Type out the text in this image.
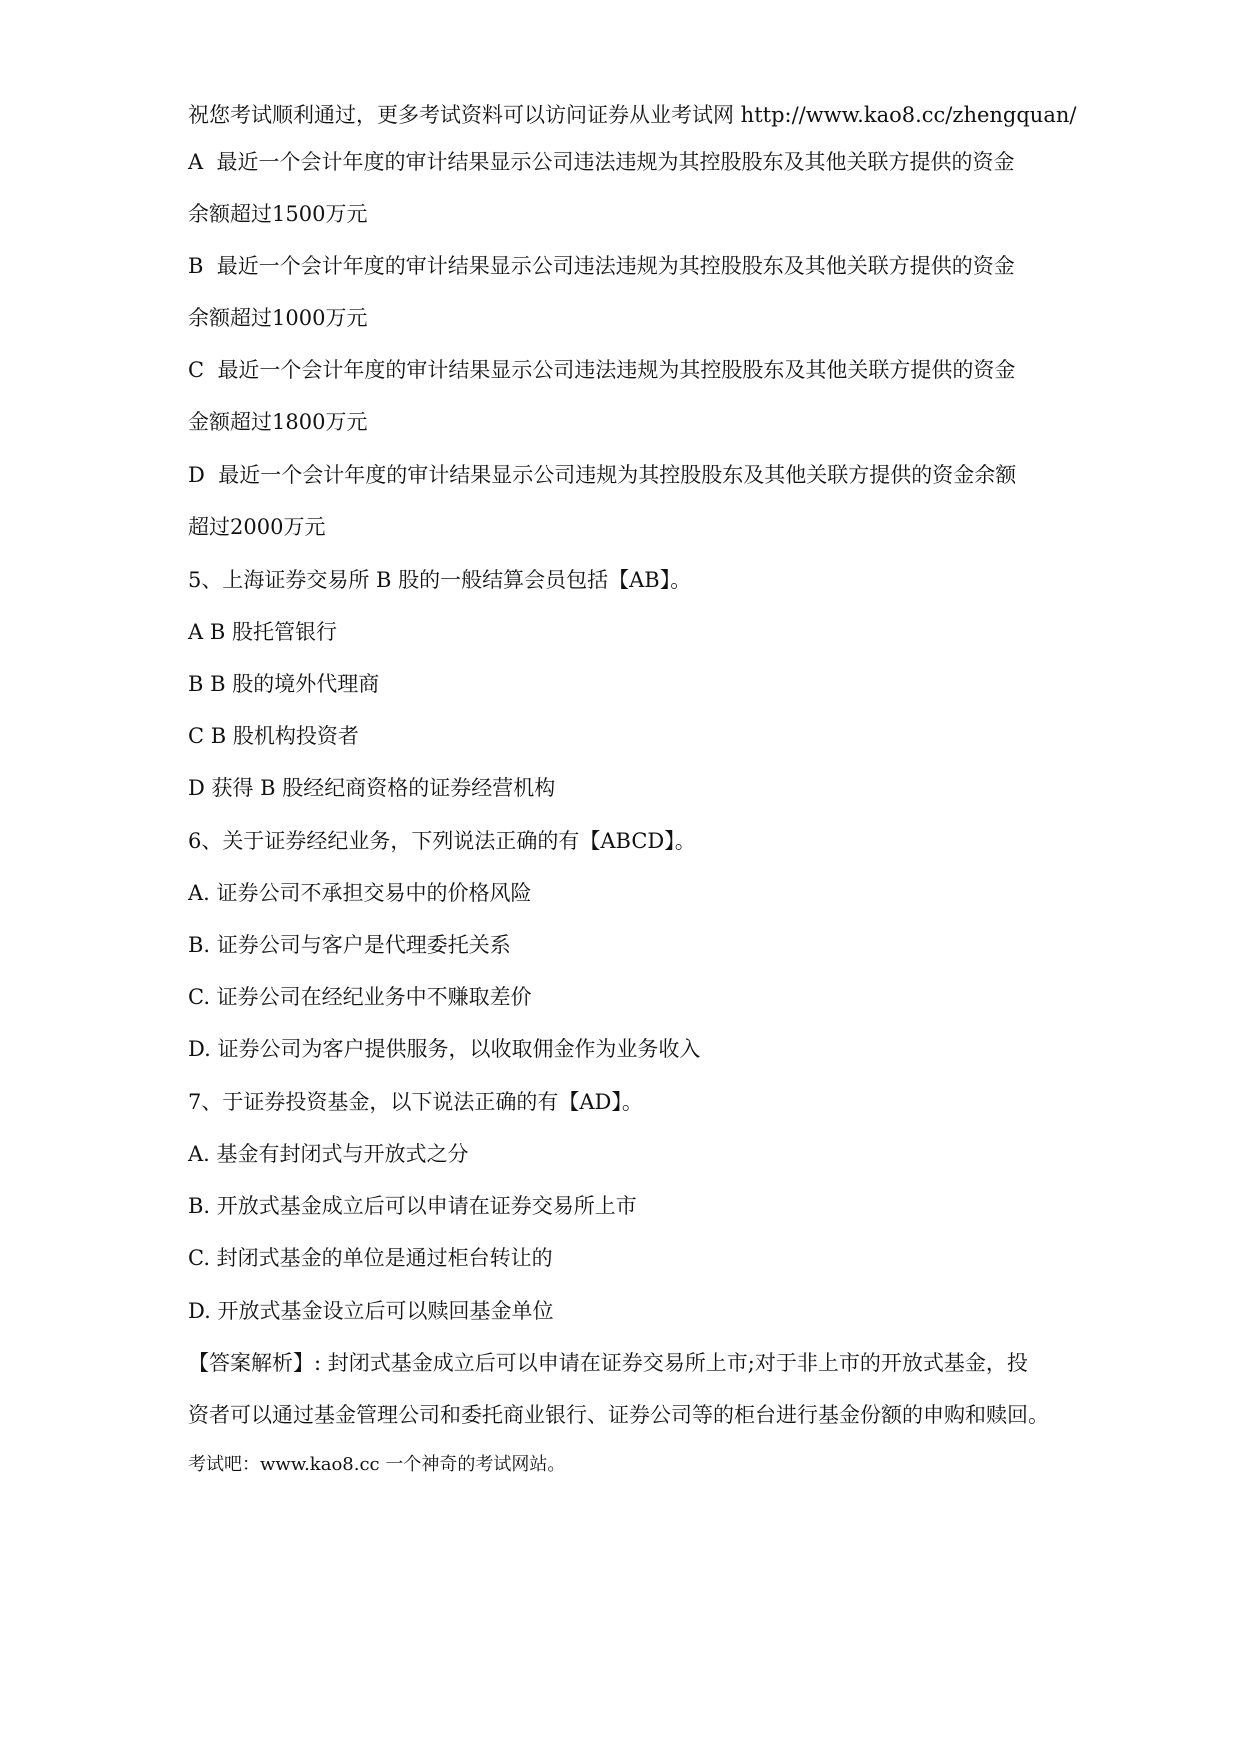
祝您考试顺利通过，更多考试资料可以访问证券从业考试网 http://www.kao8.cc/zhengquan/
A 最近一个会计年度的审计结果显示公司违法违规为其控股股东及其他关联方提供的资金
余额超过1500万元
B 最近一个会计年度的审计结果显示公司违法违规为其控股股东及其他关联方提供的资金
余额超过1000万元
C 最近一个会计年度的审计结果显示公司违法违规为其控股股东及其他关联方提供的资金
金额超过1800万元
D 最近一个会计年度的审计结果显示公司违规为其控股股东及其他关联方提供的资金余额
超过2000万元
5、上海证券交易所 B 股的一般结算会员包括【AB】。
A B 股托管银行
B B 股的境外代理商
C B 股机构投资者
D 获得 B 股经纪商资格的证券经营机构
6、关于证券经纪业务，下列说法正确的有【ABCD】。
A. 证券公司不承担交易中的价格风险
B. 证券公司与客户是代理委托关系
C. 证券公司在经纪业务中不赚取差价
D. 证券公司为客户提供服务，以收取佣金作为业务收入
7、于证券投资基金，以下说法正确的有【AD】。
A. 基金有封闭式与开放式之分
B. 开放式基金成立后可以申请在证券交易所上市
C. 封闭式基金的单位是通过柜台转让的
D. 开放式基金设立后可以赎回基金单位
【答案解析】: 封闭式基金成立后可以申请在证券交易所上市;对于非上市的开放式基金，投
资者可以通过基金管理公司和委托商业银行、证券公司等的柜台进行基金份额的申购和赎回。
考试吧：www.kao8.cc 一个神奇的考试网站。
